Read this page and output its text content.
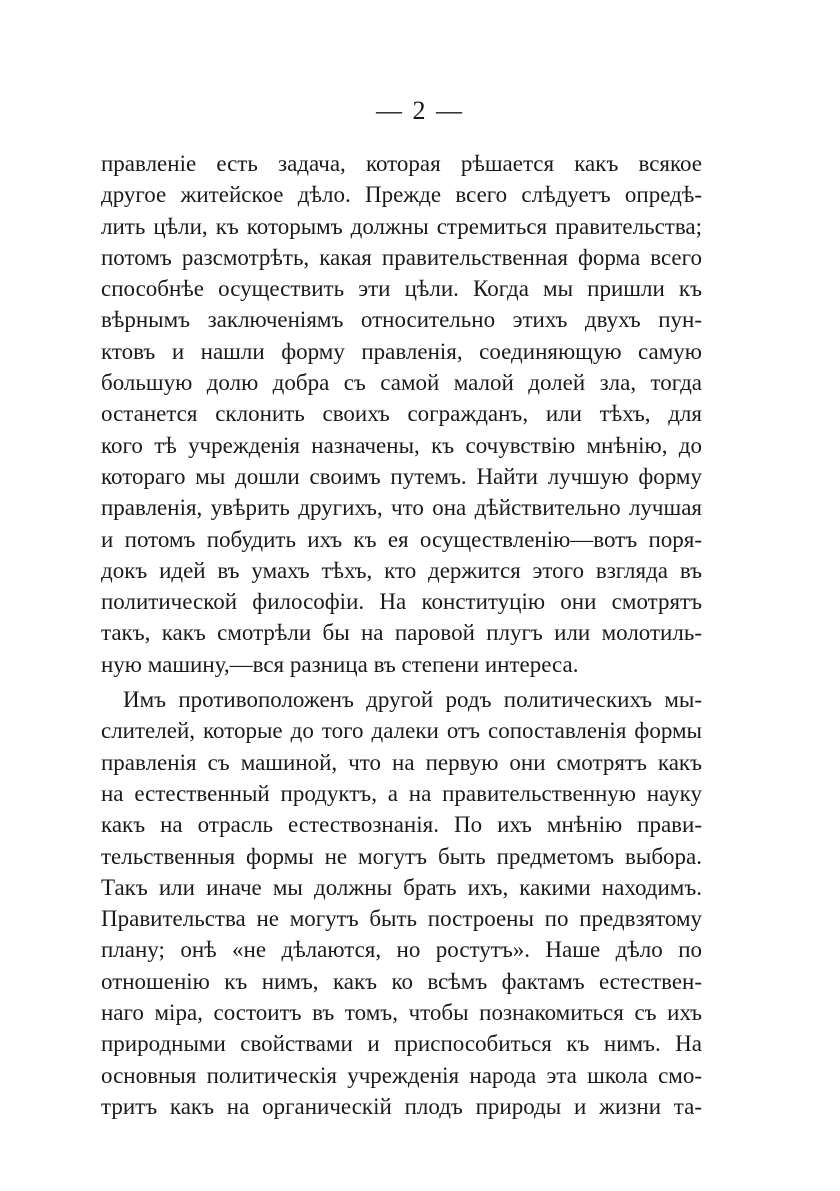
— 2 —
правленіе есть задача, которая рѣшается какъ всякое
другое житейское дѣло. Прежде всего слѣдуетъ опредѣ-
лить цѣли, къ которымъ должны стремиться правительства;
потомъ разсмотрѣть, какая правительственная форма всего
способнѣе осуществить эти цѣли. Когда мы пришли къ
вѣрнымъ заключеніямъ относительно этихъ двухъ пун-
ктовъ и нашли форму правленія, соединяющую самую
большую долю добра съ самой малой долей зла, тогда
останется склонить своихъ согражданъ, или тѣхъ, для
кого тѣ учрежденія назначены, къ сочувствію мнѣнію, до
котораго мы дошли своимъ путемъ. Найти лучшую форму
правленія, увѣрить другихъ, что она дѣйствительно лучшая
и потомъ побудить ихъ къ ея осуществленію—вотъ поря-
докъ идей въ умахъ тѣхъ, кто держится этого взгляда въ
политической философіи. На конституцію они смотрятъ
такъ, какъ смотрѣли бы на паровой плугъ или молотиль-
ную машину,—вся разница въ степени интереса.
Имъ противоположенъ другой родъ политическихъ мы-
слителей, которые до того далеки отъ сопоставленія формы
правленія съ машиной, что на первую они смотрятъ какъ
на естественный продуктъ, а на правительственную науку
какъ на отрасль естествознанія. По ихъ мнѣнію прави-
тельственныя формы не могутъ быть предметомъ выбора.
Такъ или иначе мы должны брать ихъ, какими находимъ.
Правительства не могутъ быть построены по предвзятому
плану; онѣ «не дѣлаются, но ростутъ». Наше дѣло по
отношенію къ нимъ, какъ ко всѣмъ фактамъ естествен-
наго міра, состоитъ въ томъ, чтобы познакомиться съ ихъ
природными свойствами и приспособиться къ нимъ. На
основныя политическія учрежденія народа эта школа смо-
тритъ какъ на органическій плодъ природы и жизни та-
